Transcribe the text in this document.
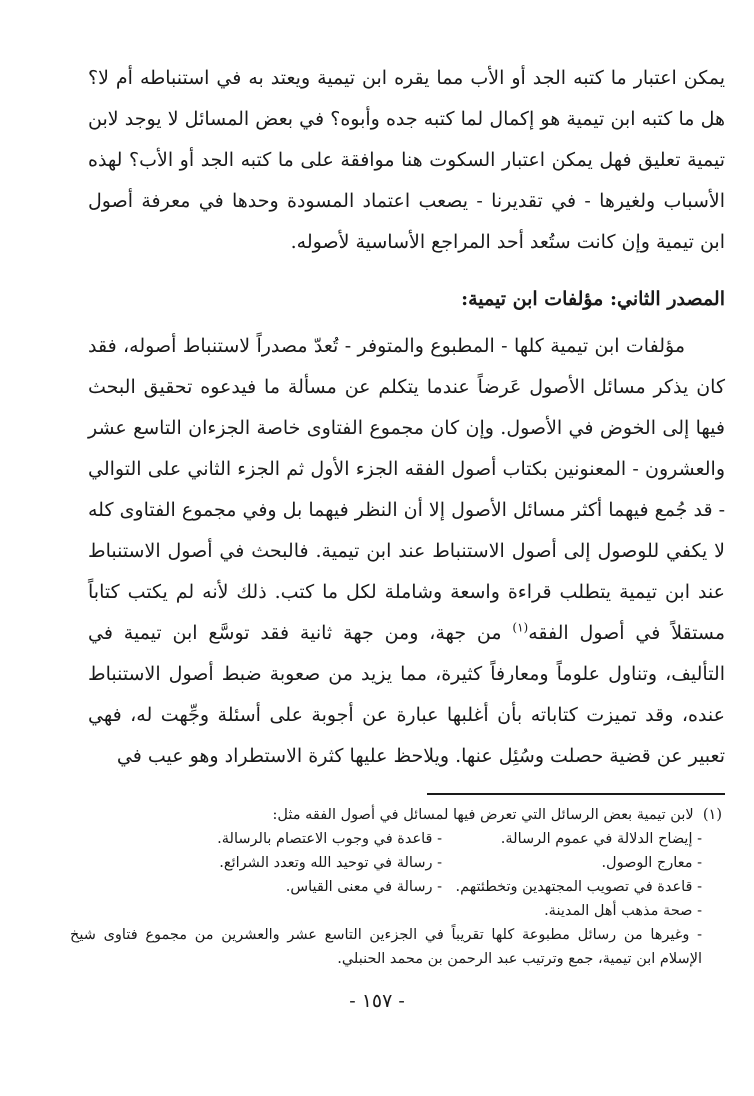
يمكن اعتبار ما كتبه الجد أو الأب مما يقره ابن تيمية ويعتد به في استنباطه أم لا؟ هل ما كتبه ابن تيمية هو إكمال لما كتبه جده وأبوه؟ في بعض المسائل لا يوجد لابن تيمية تعليق فهل يمكن اعتبار السكوت هنا موافقة على ما كتبه الجد أو الأب؟ لهذه الأسباب ولغيرها - في تقديرنا - يصعب اعتماد المسودة وحدها في معرفة أصول ابن تيمية وإن كانت ستُعد أحد المراجع الأساسية لأصوله.

المصدر الثاني: مؤلفات ابن تيمية:

مؤلفات ابن تيمية كلها - المطبوع والمتوفر - تُعدّ مصدراً لاستنباط أصوله، فقد كان يذكر مسائل الأصول عَرضاً عندما يتكلم عن مسألة ما فيدعوه تحقيق البحث فيها إلى الخوض في الأصول. وإن كان مجموع الفتاوى خاصة الجزءان التاسع عشر والعشرون - المعنونين بكتاب أصول الفقه الجزء الأول ثم الجزء الثاني على التوالي - قد جُمع فيهما أكثر مسائل الأصول إلا أن النظر فيهما بل وفي مجموع الفتاوى كله لا يكفي للوصول إلى أصول الاستنباط عند ابن تيمية. فالبحث في أصول الاستنباط عند ابن تيمية يتطلب قراءة واسعة وشاملة لكل ما كتب. ذلك لأنه لم يكتب كتاباً مستقلاً في أصول الفقه$^{(١)}$ من جهة، ومن جهة ثانية فقد توسَّع ابن تيمية في التأليف، وتناول علوماً ومعارفاً كثيرة، مما يزيد من صعوبة ضبط أصول الاستنباط عنده، وقد تميزت كتاباته بأن أغلبها عبارة عن أجوبة على أسئلة وجِّهت له، فهي تعبير عن قضية حصلت وسُئِل عنها. ويلاحظ عليها كثرة الاستطراد وهو عيب في

(١)  لابن تيمية بعض الرسائل التي تعرض فيها لمسائل في أصول الفقه مثل:

- إيضاح الدلالة في عموم الرسالة.
- قاعدة في وجوب الاعتصام بالرسالة.
- معارج الوصول.
- رسالة في توحيد الله وتعدد الشرائع.
- قاعدة في تصويب المجتهدين وتخطئتهم.
- رسالة في معنى القياس.

- صحة مذهب أهل المدينة.

- وغيرها من رسائل مطبوعة كلها تقريباً في الجزءين التاسع عشر والعشرين من مجموع فتاوى شيخ الإسلام ابن تيمية، جمع وترتيب عبد الرحمن بن محمد الحنبلي.

- ١٥٧ -
